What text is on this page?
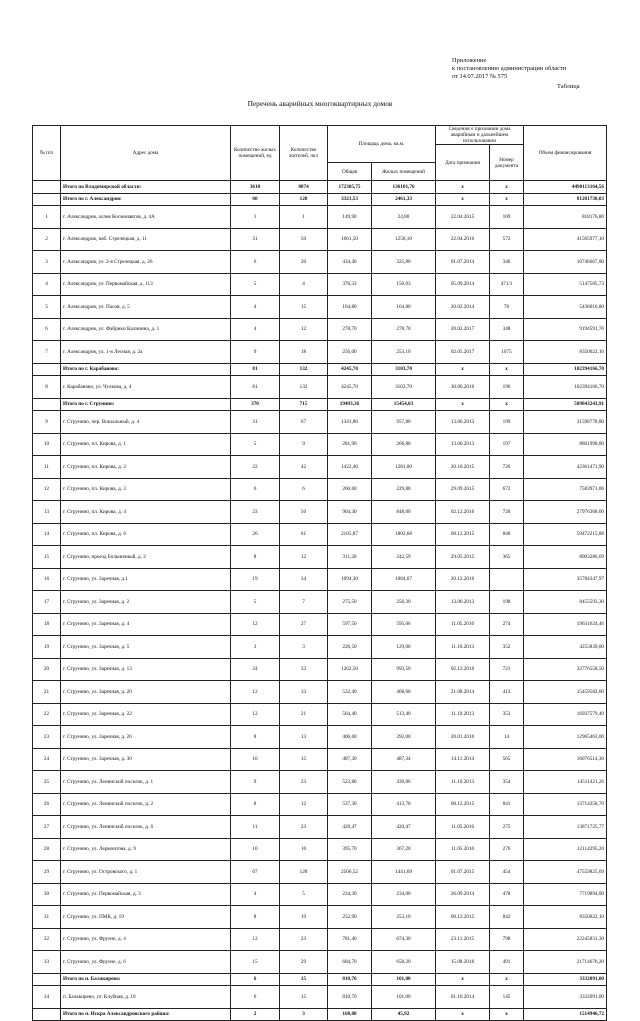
Приложение
к постановлению администрации области
от 14.07.2017 № 575
Таблица
Перечень аварийных многоквартирных домов
№ п/п	Адрес дома	Количество жилых помещений, ед	Количество жителей, чел	Площадь дома, кв.м.		Сведения о признании дома аварийным и дальнейшем использовании		Объем финансирования
						Дата признания	Номер документа	
				Общая	Жилых помещений			
	Итого по Владимирской области:	3610	8074	172305,75	136101,76	x	x	4490113164,56
	Итого по г. Александров:	60	120	3321,53	2461,33	x	x	81201738,03
1	г. Александров, аллея Космонавтов, д. 4А	1	1	149,90	24,80	22.04.2015	169	818176,80
2	г. Александров, наб. Стрелецкая, д. 11	31	50	1661,50	1258,10	22.04.2016	572	41505977,10
3	г. Александров, ул. 2-я Стрелецкая, д. 26	6	20	434,40	325,80	01.07.2014	346	10746667,80
4	г. Александров, ул. Первомайская, д. 113	5	4	376,33	156,03	05.09.2014	471/1	5147585,73
5	г. Александров, ул. Пасов, д. 5	4	15	164,80	164,80	20.02.2014	76	5436016,80
6	г. Александров, ул. Фабрики Калинина, д. 1	4	12	278,70	278,70	20.02.2017	348	9194591,70
7	г. Александров, ул. 1-я Лесная, д. 2а	9	18	256,00	253,10	02.05.2017	1075	8350022,10
	Итого по г. Карабаново:	81	132	4245,70	3103,70	x	x	102394166,70
8	г. Карабаново, ул. Чулкова, д. 4	81	132	4245,70	3103,70	30.06.2016	196	102394166,70
	Итого по г. Струнино:	370	715	19493,36	15454,03	x	x	509843243,91
9	г. Струнино, пер. Вокзальный, д. 4	31	67	1341,80	957,80	13.06.2013	199	31598778,80
10	г. Струнино, пл. Кирова, д. 1	5	9	281,90	266,80	13.06.2013	197	8801998,80
11	г. Струнино, пл. Кирова, д. 2	22	42	1422,40	1281,00	20.10.2015	726	42361471,90
12	г. Струнино, пл. Кирова, д. 3	6	6	260,60	229,88	29.09.2015	672	7583971,06
13	г. Струнино, пл. Кирова, д. 4	23	50	904,30	848,00	02.12.2016	720	27976368,00
14	г. Струнино, пл. Кирова, д. 6	26	61	2105,87	1802,68	08.12.2015	840	59472215,88
15	г. Струнино, проезд Больничный, д. 2	8	12	311,20	242,59	29.05.2015	365	8003286,69
16	г. Струнино, ул. Заречная, д.1	19	34	1094,30	1084,67	20.12.2016		35784347,97
17	г. Струнино, ул. Заречная, д. 2	5	7	275,50	256,30	13.06.2013	198	8455593,30
18	г. Струнино, ул. Заречная, д. 4	12	27	597,50	595,06	11.05.2016	274	19631624,46
19	г. Струнино, ул. Заречная, д. 5	3	3	226,50	129,00	11.10.2013	352	4255839,00
20	г. Струнино, ул. Заречная, д. 13	24	33	1262,50	993,50	02.12.2016	721	32776558,50
21	г. Струнино, ул. Заречная, д. 20	12	33	532,40	468,60	21.08.2014	413	15459582,60
22	г. Струнино, ул. Заречная, д. 22	12	21	564,40	513,40	11.10.2013	353	16937579,40
23	г. Струнино, ул. Заречная, д. 26	8	13	406,60	392,00	20.01.2016	14	12965463,00
24	г. Струнино, ул. Заречная, д. 30	10	15	487,30	487,34	14.11.2014	565	16076514,30
25	г. Струнино, ул. Ленинский поселок, д. 1	9	23	523,80	439,86	11.10.2013	354	14511421,26
26	г. Струнино, ул. Ленинский поселок, д. 2	8	12	537,30	413,70	08.12.2015	841	13714358,70
27	г. Струнино, ул. Ленинский поселок, д. 6	11	23	420,47	420,47	11.05.2016	275	13871725,77
28	г. Струнино, ул. Лермонтова, д. 9	10	16	395,70	367,20	11.05.2016	276	12114295,20
29	г. Струнино, ул. Островского, д. 1	67	128	2506,52	1441,69	01.07.2015	454	47559825,69
30	г. Струнино, ул. Первомайская, д. 3	4	5	234,30	234,00	26.09.2014	478	7719894,00
31	г. Струнино, ул. ПМК, д. 19	8	19	252,90	253,10	08.12.2015	842	8350022,10
32	г. Струнино, ул. Фрунзе, д. 4	12	23	781,40	674,30	23.11.2015	798	22245831,30
33	г. Струнино, ул. Фрунзе, д. 6	15	29	684,70	658,20	15.08.2016	491	21714676,20
	Итого по п. Балакирево:	6	15	810,70	101,00	x	x	3332091,00
34	п. Балакирево, ул. Клубная, д. 10	6	15	810,70	101,00	01.10.2014	145	3332091,00
	Итого по п. Искра Александровского района:	2	3	168,00	45,92	x	x	1514946,72
